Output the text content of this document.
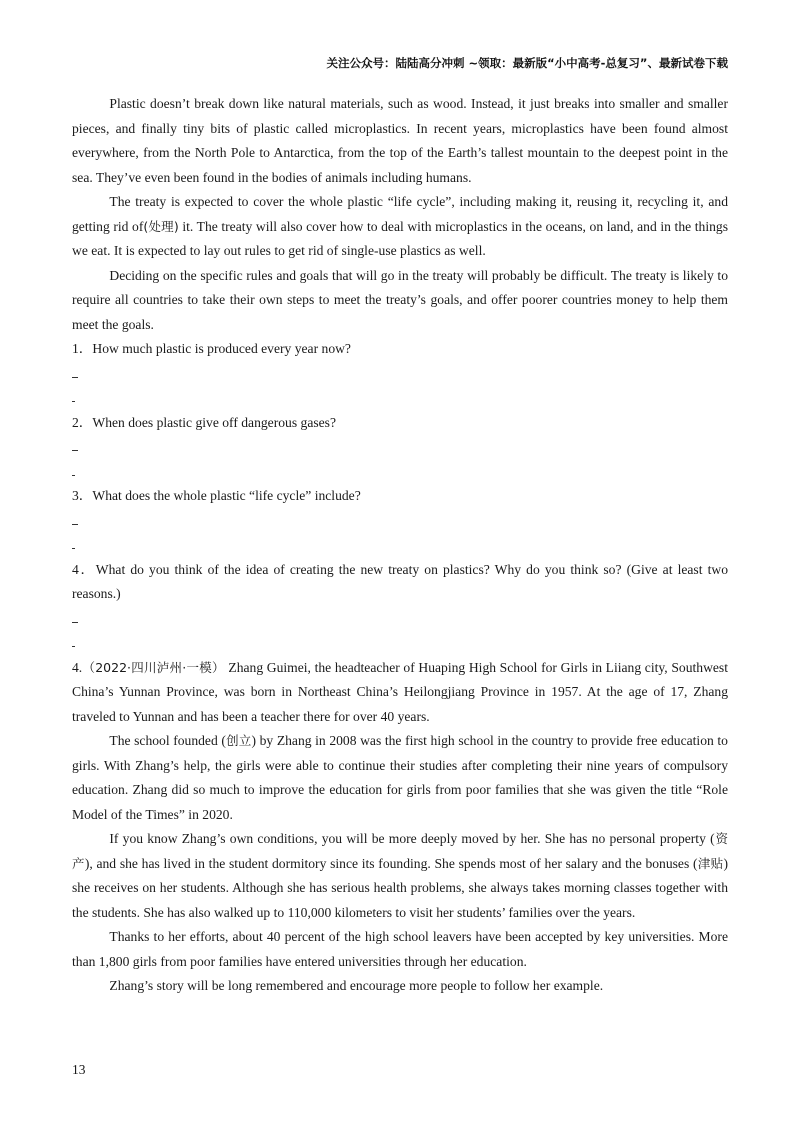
关注公众号：陆陆高分冲刺 ~领取：最新版“小中高考-总复习”、最新试卷下载

Plastic doesn’t break down like natural materials, such as wood. Instead, it just breaks into smaller and smaller pieces, and finally tiny bits of plastic called microplastics. In recent years, microplastics have been found almost everywhere, from the North Pole to Antarctica, from the top of the Earth’s tallest mountain to the deepest point in the sea. They’ve even been found in the bodies of animals including humans.

The treaty is expected to cover the whole plastic “life cycle”, including making it, reusing it, recycling it, and getting rid of(处理) it. The treaty will also cover how to deal with microplastics in the oceans, on land, and in the things we eat. It is expected to lay out rules to get rid of single-use plastics as well.

Deciding on the specific rules and goals that will go in the treaty will probably be difficult. The treaty is likely to require all countries to take their own steps to meet the treaty’s goals, and offer poorer countries money to help them meet the goals.

1．How much plastic is produced every year now?

2．When does plastic give off dangerous gases?

3．What does the whole plastic “life cycle” include?

4．What do you think of the idea of creating the new treaty on plastics? Why do you think so? (Give at least two reasons.)

4.（2022·四川泸州·一模） Zhang Guimei, the headteacher of Huaping High School for Girls in Liiang city, Southwest China’s Yunnan Province, was born in Northeast China’s Heilongjiang Province in 1957. At the age of 17, Zhang traveled to Yunnan and has been a teacher there for over 40 years.

The school founded (创立) by Zhang in 2008 was the first high school in the country to provide free education to girls. With Zhang’s help, the girls were able to continue their studies after completing their nine years of compulsory education. Zhang did so much to improve the education for girls from poor families that she was given the title “Role Model of the Times” in 2020.

If you know Zhang’s own conditions, you will be more deeply moved by her. She has no personal property (资产), and she has lived in the student dormitory since its founding. She spends most of her salary and the bonuses (津贴) she receives on her students. Although she has serious health problems, she always takes morning classes together with the students. She has also walked up to 110,000 kilometers to visit her students’ families over the years.

Thanks to her efforts, about 40 percent of the high school leavers have been accepted by key universities. More than 1,800 girls from poor families have entered universities through her education.

Zhang’s story will be long remembered and encourage more people to follow her example.

13
